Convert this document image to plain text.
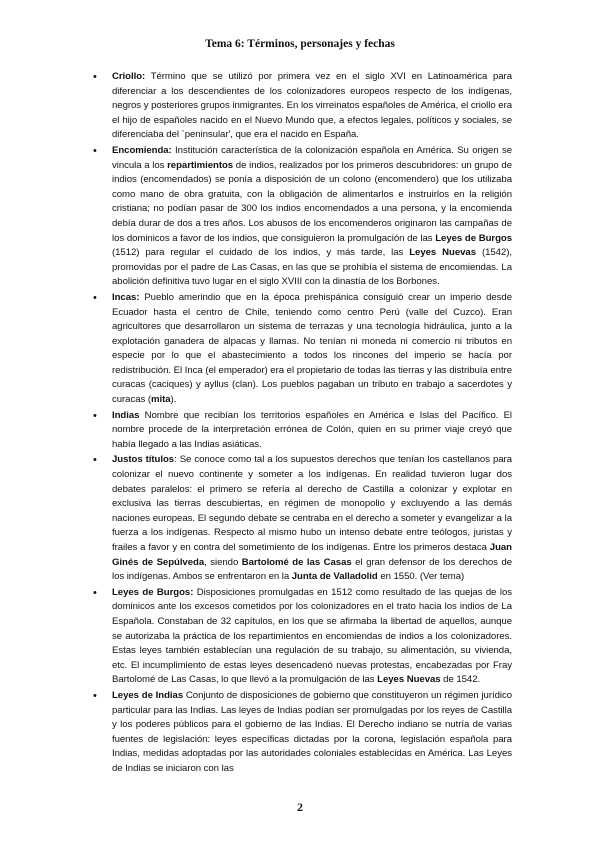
Tema 6: Términos, personajes y fechas
• Criollo: Término que se utilizó por primera vez en el siglo XVI en Latinoamérica para diferenciar a los descendientes de los colonizadores europeos respecto de los indígenas, negros y posteriores grupos inmigrantes. En los virreinatos españoles de América, el criollo era el hijo de españoles nacido en el Nuevo Mundo que, a efectos legales, políticos y sociales, se diferenciaba del `peninsular', que era el nacido en España.
• Encomienda: Institución característica de la colonización española en América. Su origen se vincula a los repartimientos de indios, realizados por los primeros descubridores: un grupo de indios (encomendados) se ponía a disposición de un colono (encomendero) que los utilizaba como mano de obra gratuita, con la obligación de alimentarlos e instruirlos en la religión cristiana; no podían pasar de 300 los indios encomendados a una persona, y la encomienda debía durar de dos a tres años. Los abusos de los encomenderos originaron las campañas de los dominicos a favor de los indios, que consiguieron la promulgación de las Leyes de Burgos (1512) para regular el cuidado de los indios, y más tarde, las Leyes Nuevas (1542), promovidas por el padre de Las Casas, en las que se prohibía el sistema de encomiendas. La abolición definitiva tuvo lugar en el siglo XVIII con la dinastía de los Borbones.
• Incas: Pueblo amerindio que en la época prehispánica consiguió crear un imperio desde Ecuador hasta el centro de Chile, teniendo como centro Perú (valle del Cuzco). Eran agricultores que desarrollaron un sistema de terrazas y una tecnología hidráulica, junto a la explotación ganadera de alpacas y llamas. No tenían ni moneda ni comercio ni tributos en especie por lo que el abastecimiento a todos los rincones del imperio se hacía por redistribución. El Inca (el emperador) era el propietario de todas las tierras y las distribuía entre curacas (caciques) y ayllus (clan). Los pueblos pagaban un tributo en trabajo a sacerdotes y curacas (mita).
• Indias Nombre que recibían los territorios españoles en América e Islas del Pacífico. El nombre procede de la interpretación errónea de Colón, quien en su primer viaje creyó que había llegado a las Indias asiáticas.
• Justos títulos: Se conoce como tal a los supuestos derechos que tenían los castellanos para colonizar el nuevo continente y someter a los indígenas. En realidad tuvieron lugar dos debates paralelos: el primero se refería al derecho de Castilla a colonizar y explotar en exclusiva las tierras descubiertas, en régimen de monopolio y excluyendo a las demás naciones europeas. El segundo debate se centraba en el derecho a someter y evangelizar a la fuerza a los indígenas. Respecto al mismo hubo un intenso debate entre teólogos, juristas y frailes a favor y en contra del sometimiento de los indígenas. Entre los primeros destaca Juan Ginés de Sepúlveda, siendo Bartolomé de las Casas el gran defensor de los derechos de los indígenas. Ambos se enfrentaron en la Junta de Valladolid en 1550. (Ver tema)
• Leyes de Burgos: Disposiciones promulgadas en 1512 como resultado de las quejas de los dominicos ante los excesos cometidos por los colonizadores en el trato hacia los indios de La Española. Constaban de 32 capítulos, en los que se afirmaba la libertad de aquellos, aunque se autorizaba la práctica de los repartimientos en encomiendas de indios a los colonizadores. Estas leyes también establecían una regulación de su trabajo, su alimentación, su vivienda, etc. El incumplimiento de estas leyes desencadenó nuevas protestas, encabezadas por Fray Bartolomé de Las Casas, lo que llevó a la promulgación de las Leyes Nuevas de 1542.
• Leyes de Indias Conjunto de disposiciones de gobierno que constituyeron un régimen jurídico particular para las Indias. Las leyes de Indias podían ser promulgadas por los reyes de Castilla y los poderes públicos para el gobierno de las Indias. El Derecho indiano se nutría de varias fuentes de legislación: leyes específicas dictadas por la corona, legislación española para Indias, medidas adoptadas por las autoridades coloniales establecidas en América. Las Leyes de Indias se iniciaron con las
2
